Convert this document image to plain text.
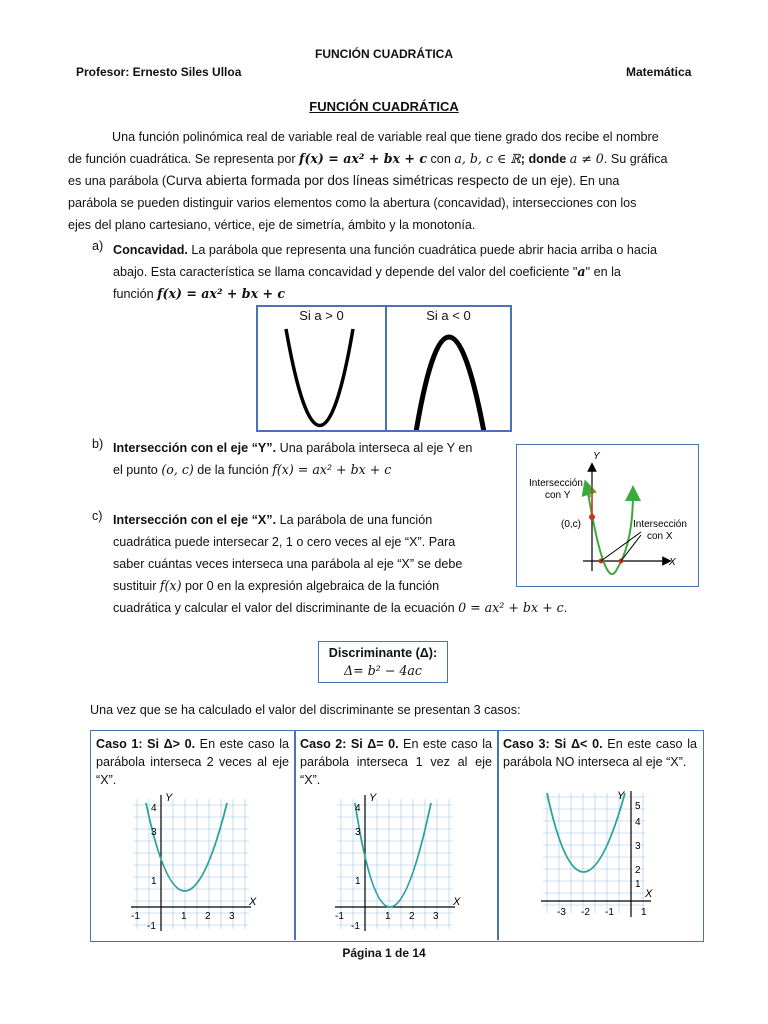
FUNCIÓN CUADRÁTICA
Profesor: Ernesto Siles Ulloa	Matemática
FUNCIÓN CUADRÁTICA
Una función polinómica real de variable real de variable real que tiene grado dos recibe el nombre
de función cuadrática. Se representa por f(x) = ax² + bx + c con a, b, c ∈ ℝ; donde a ≠ 0. Su gráfica
es una parábola (Curva abierta formada por dos líneas simétricas respecto de un eje). En una
parábola se pueden distinguir varios elementos como la abertura (concavidad), intersecciones con los
ejes del plano cartesiano, vértice, eje de simetría, ámbito y la monotonía.
a) Concavidad. La parábola que representa una función cuadrática puede abrir hacia arriba o hacia
abajo. Esta característica se llama concavidad y depende del valor del coeficiente "a" en la
función f(x) = ax² + bx + c
Si a > 0	Si a < 0
b) Intersección con el eje “Y”. Una parábola interseca al eje Y en
el punto (o, c) de la función f(x) = ax² + bx + c
Y
X
Intersección
con Y
(0,c)	Intersección
con X
c) Intersección con el eje “X”. La parábola de una función
cuadrática puede intersecar 2, 1 o cero veces al eje “X”. Para
saber cuántas veces interseca una parábola al eje “X” se debe
sustituir f(x) por 0 en la expresión algebraica de la función
cuadrática y calcular el valor del discriminante de la ecuación 0 = ax² + bx + c.
Discriminante (Δ):
Δ= b² − 4ac
Una vez que se ha calculado el valor del discriminante se presentan 3 casos:
Caso 1: Si Δ> 0. En este caso la parábola interseca 2 veces al eje “X”.
Caso 2: Si Δ= 0. En este caso la parábola interseca 1 vez al eje “X”.
Caso 3: Si Δ< 0. En este caso la parábola NO interseca al eje “X”.
Y
X
4
3
1
-1
-1	1 2 3
Y
X
4
3
1
-1
-1	1 2 3
Y
X
5
4
3
2
1
-3 -2 -1	1
Página 1 de 14
